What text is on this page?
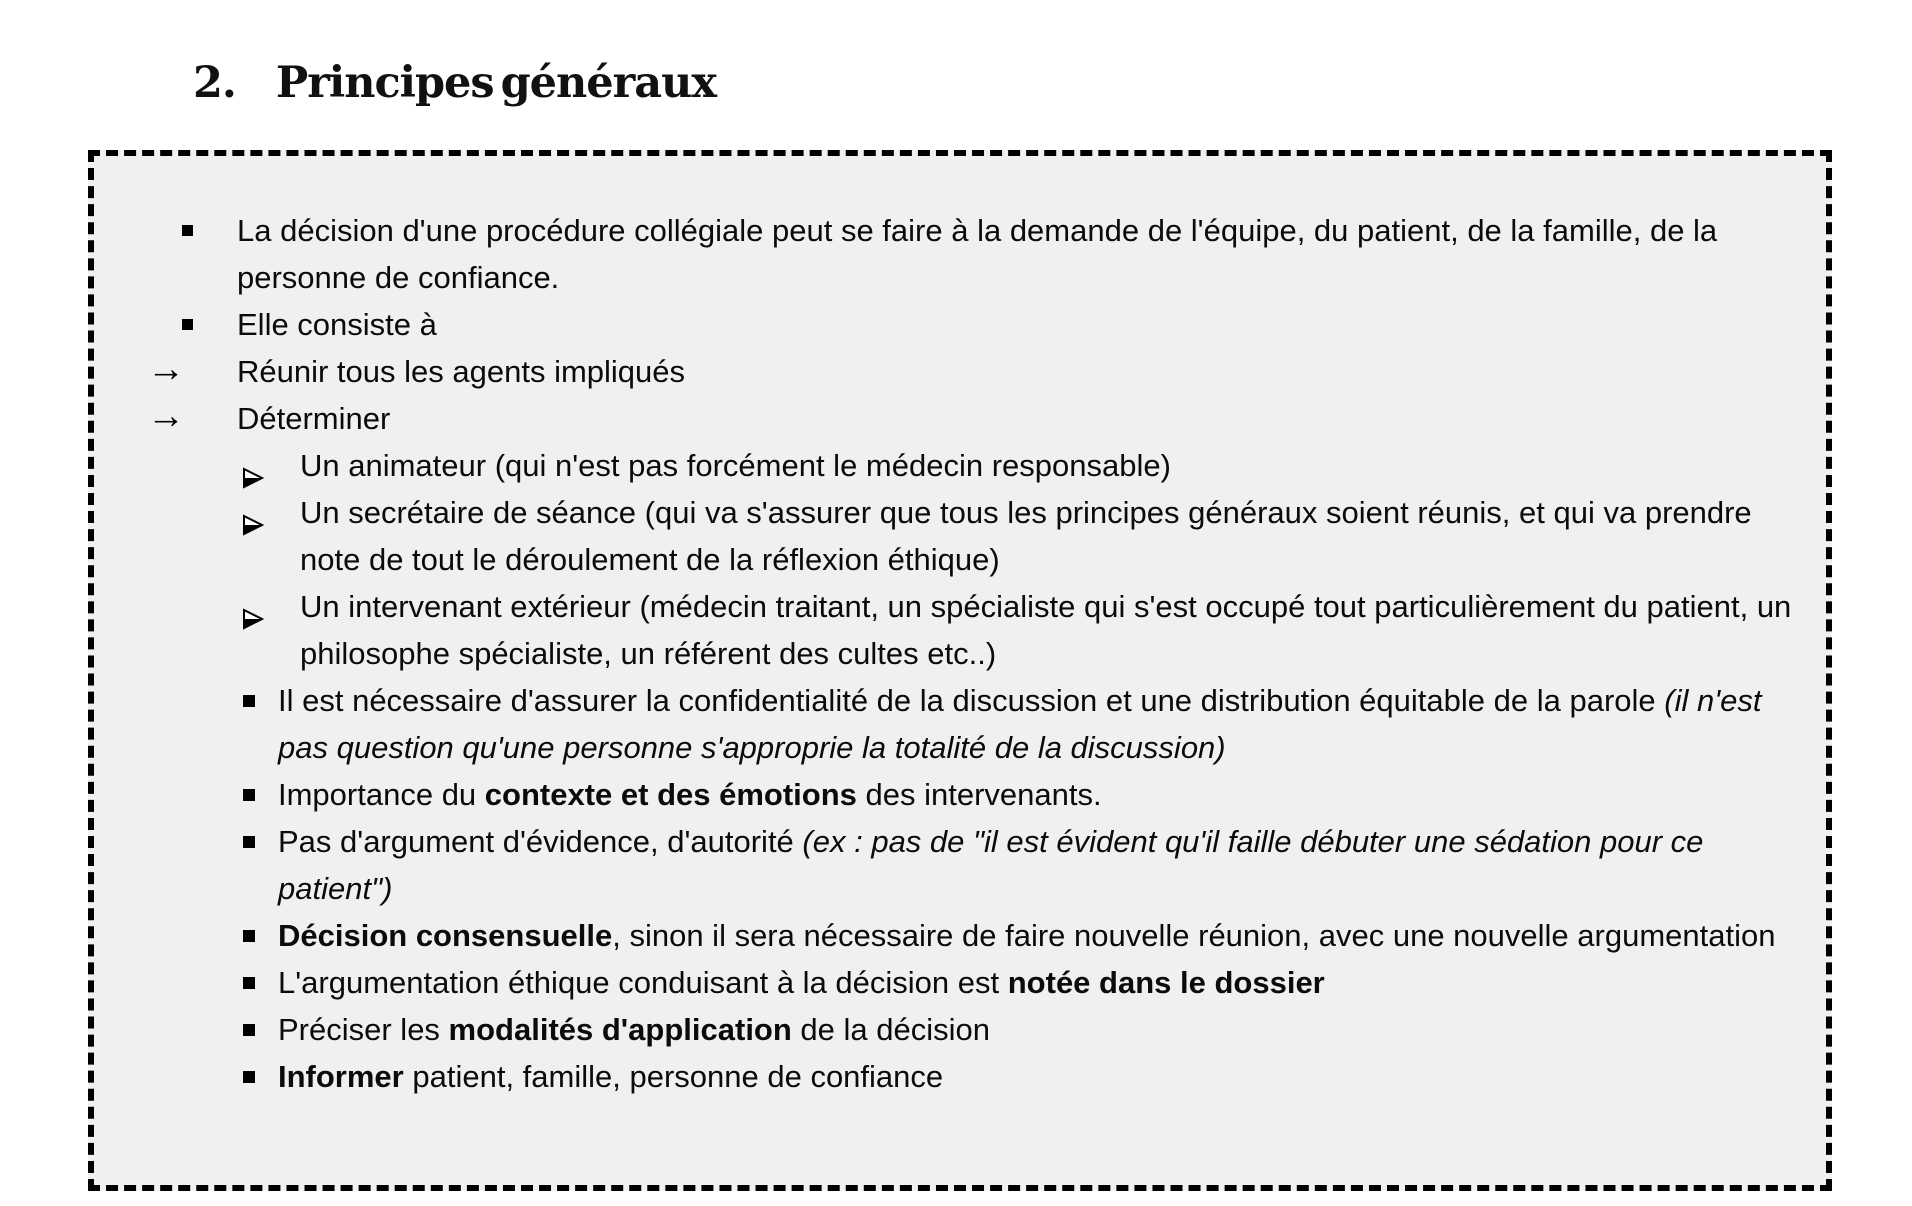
2. Principes généraux
La décision d'une procédure collégiale peut se faire à la demande de l'équipe, du patient, de la famille, de la personne de confiance.
Elle consiste à
→ Réunir tous les agents impliqués
→ Déterminer
Un animateur (qui n'est pas forcément le médecin responsable)
Un secrétaire de séance (qui va s'assurer que tous les principes généraux soient réunis, et qui va prendre note de tout le déroulement de la réflexion éthique)
Un intervenant extérieur (médecin traitant, un spécialiste qui s'est occupé tout particulièrement du patient, un philosophe spécialiste, un référent des cultes etc..)
Il est nécessaire d'assurer la confidentialité de la discussion et une distribution équitable de la parole (il n'est pas question qu'une personne s'approprie la totalité de la discussion)
Importance du contexte et des émotions des intervenants.
Pas d'argument d'évidence, d'autorité (ex : pas de "il est évident qu'il faille débuter une sédation pour ce patient")
Décision consensuelle, sinon il sera nécessaire de faire nouvelle réunion, avec une nouvelle argumentation
L'argumentation éthique conduisant à la décision est notée dans le dossier
Préciser les modalités d'application de la décision
Informer patient, famille, personne de confiance
